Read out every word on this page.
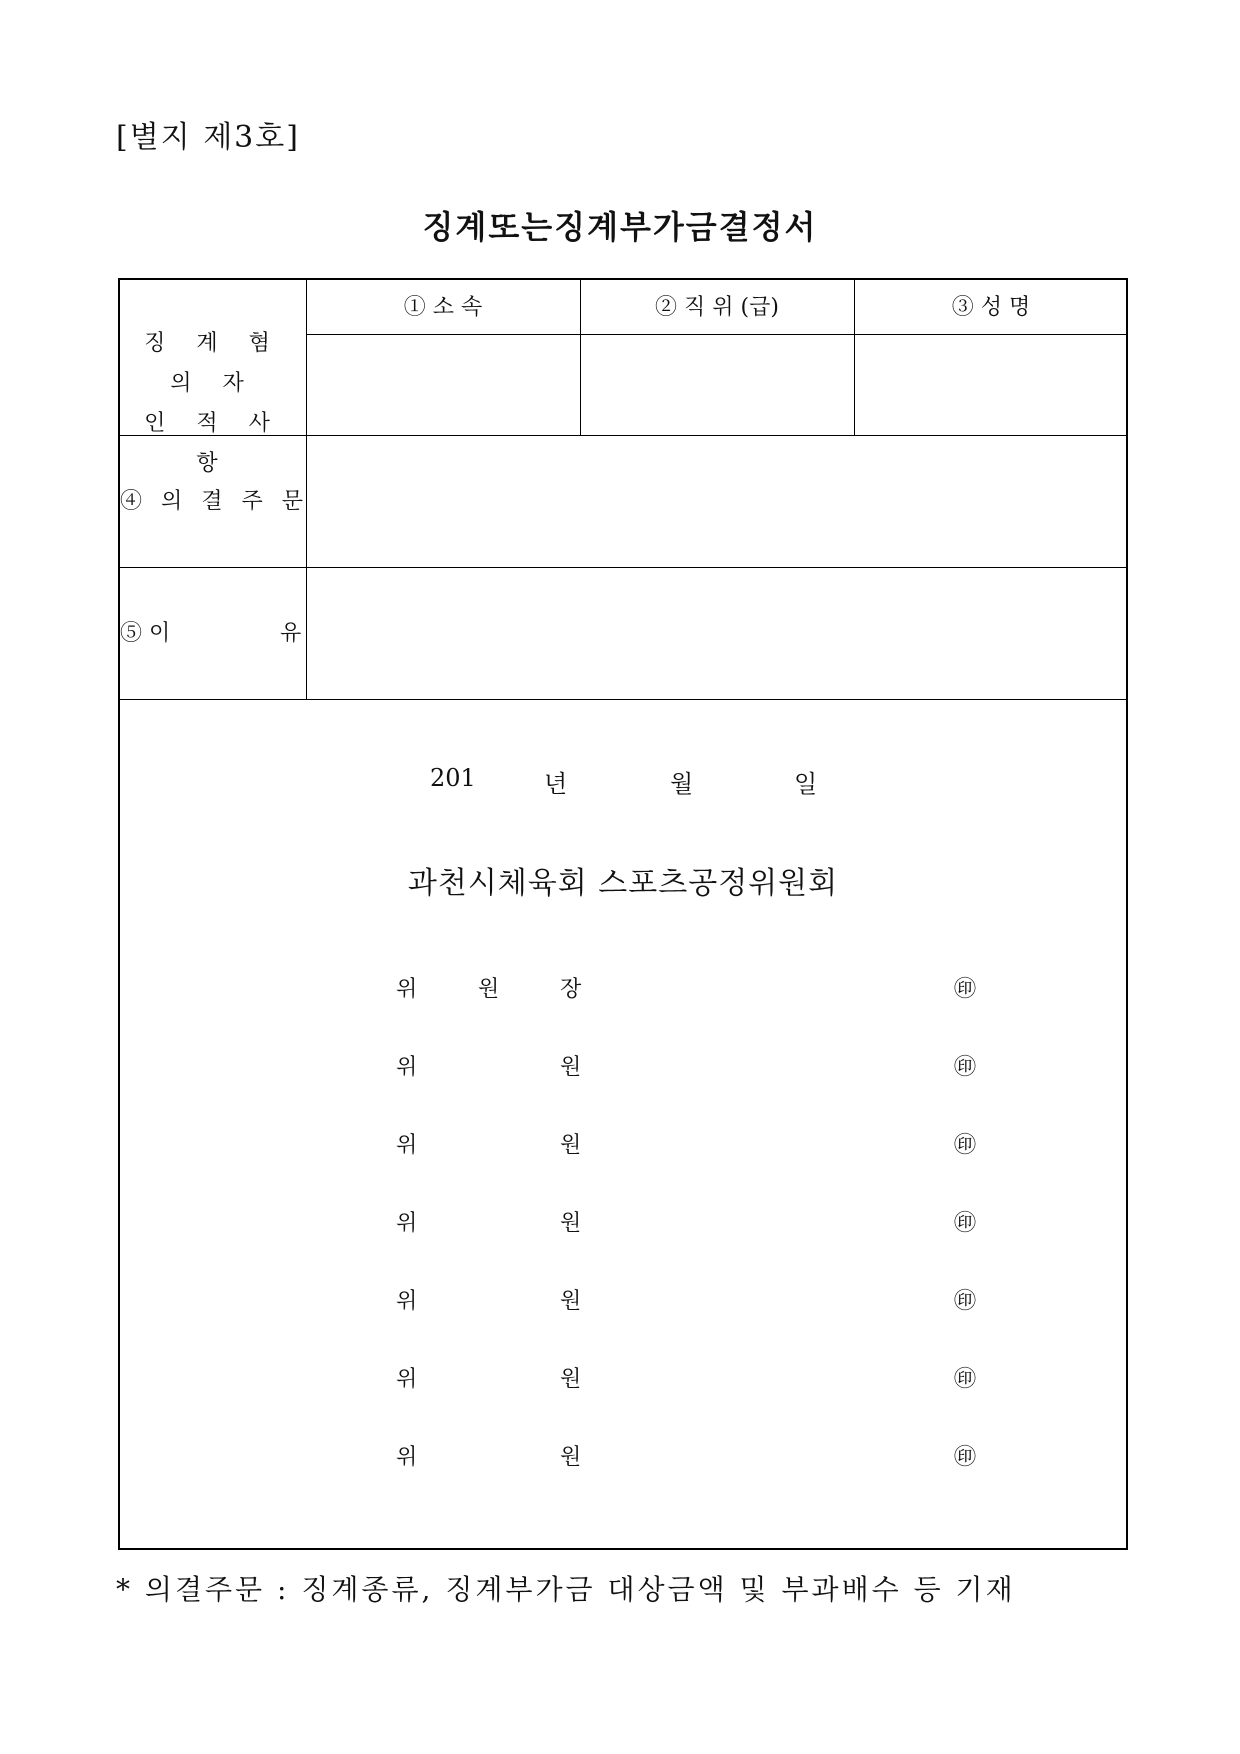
[별지 제3호]
징계또는징계부가금결정서
징 계 혐 의 자
인 적 사 항
① 소 속	② 직 위 (급)	③ 성 명
④ 의 결 주 문
⑤ 이	유
201	년	월	일
과천시체육회 스포츠공정위원회
위	원	장	㊞
위	원	㊞
위	원	㊞
위	원	㊞
위	원	㊞
위	원	㊞
위	원	㊞
* 의결주문 : 징계종류, 징계부가금 대상금액 및 부과배수 등 기재
